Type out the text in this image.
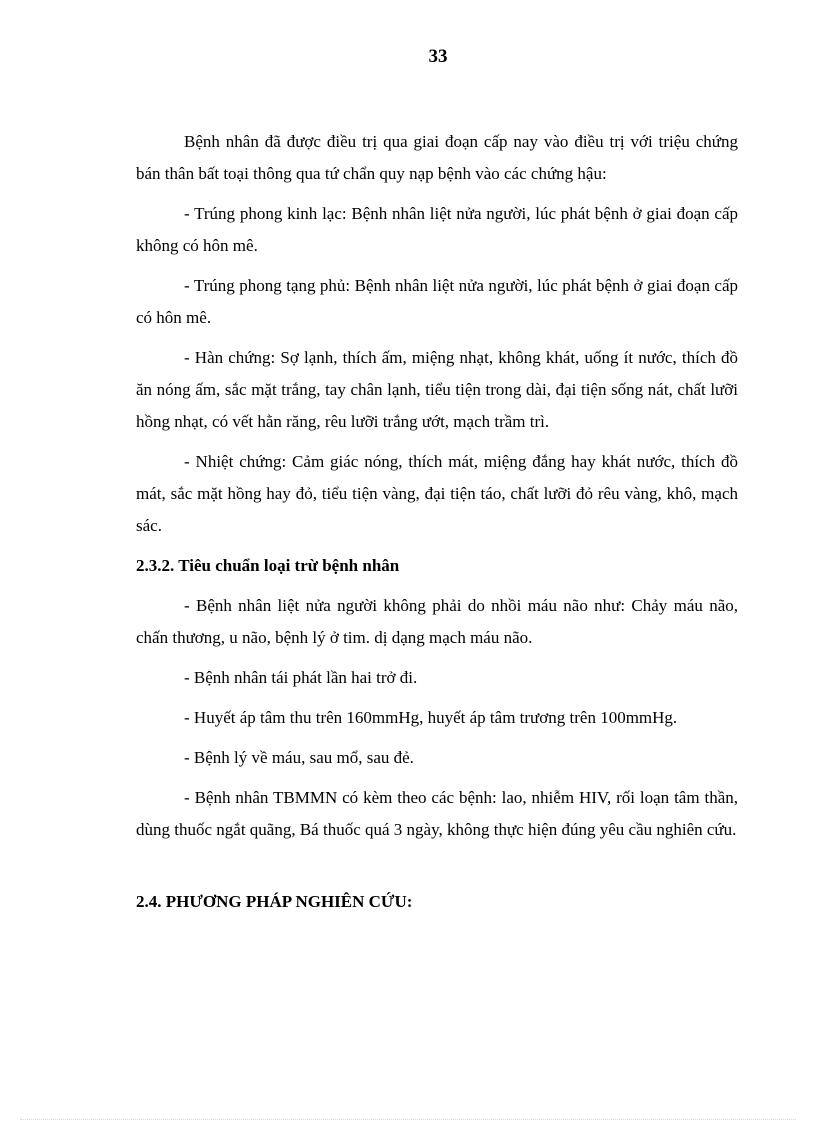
33

Bệnh nhân đã được điều trị qua giai đoạn cấp nay vào điều trị với triệu chứng bán thân bất toại thông qua tứ chẩn quy nạp bệnh vào các chứng hậu:

- Trúng phong kinh lạc: Bệnh nhân liệt nửa người, lúc phát bệnh ở giai đoạn cấp không có hôn mê.

- Trúng phong tạng phủ: Bệnh nhân liệt nửa người, lúc phát bệnh ở giai đoạn cấp có hôn mê.

- Hàn chứng: Sợ lạnh, thích ấm, miệng nhạt, không khát, uống ít nước, thích đồ ăn nóng ấm, sắc mặt trắng, tay chân lạnh, tiểu tiện trong dài, đại tiện sống nát, chất lưỡi hồng nhạt, có vết hằn răng, rêu lưỡi trắng ướt, mạch trầm trì.

- Nhiệt chứng: Cảm giác nóng, thích mát, miệng đắng hay khát nước, thích đồ mát, sắc mặt hồng hay đỏ, tiểu tiện vàng, đại tiện táo, chất lưỡi đỏ rêu vàng, khô, mạch sác.

2.3.2. Tiêu chuẩn loại trừ bệnh nhân

- Bệnh nhân liệt nửa người không phải do nhồi máu não như: Chảy máu não, chấn thương, u não, bệnh lý ở tim. dị dạng mạch máu não.

- Bệnh nhân tái phát lần hai trở đi.

- Huyết áp tâm thu trên 160mmHg, huyết áp tâm trương trên 100mmHg.

- Bệnh lý về máu, sau mổ, sau đẻ.

- Bệnh nhân TBMMN có kèm theo các bệnh: lao, nhiễm HIV, rối loạn tâm thần, dùng thuốc ngắt quãng, Bá thuốc quá 3 ngày, không thực hiện đúng yêu cầu nghiên cứu.

2.4. PHƯƠNG PHÁP NGHIÊN CỨU:
